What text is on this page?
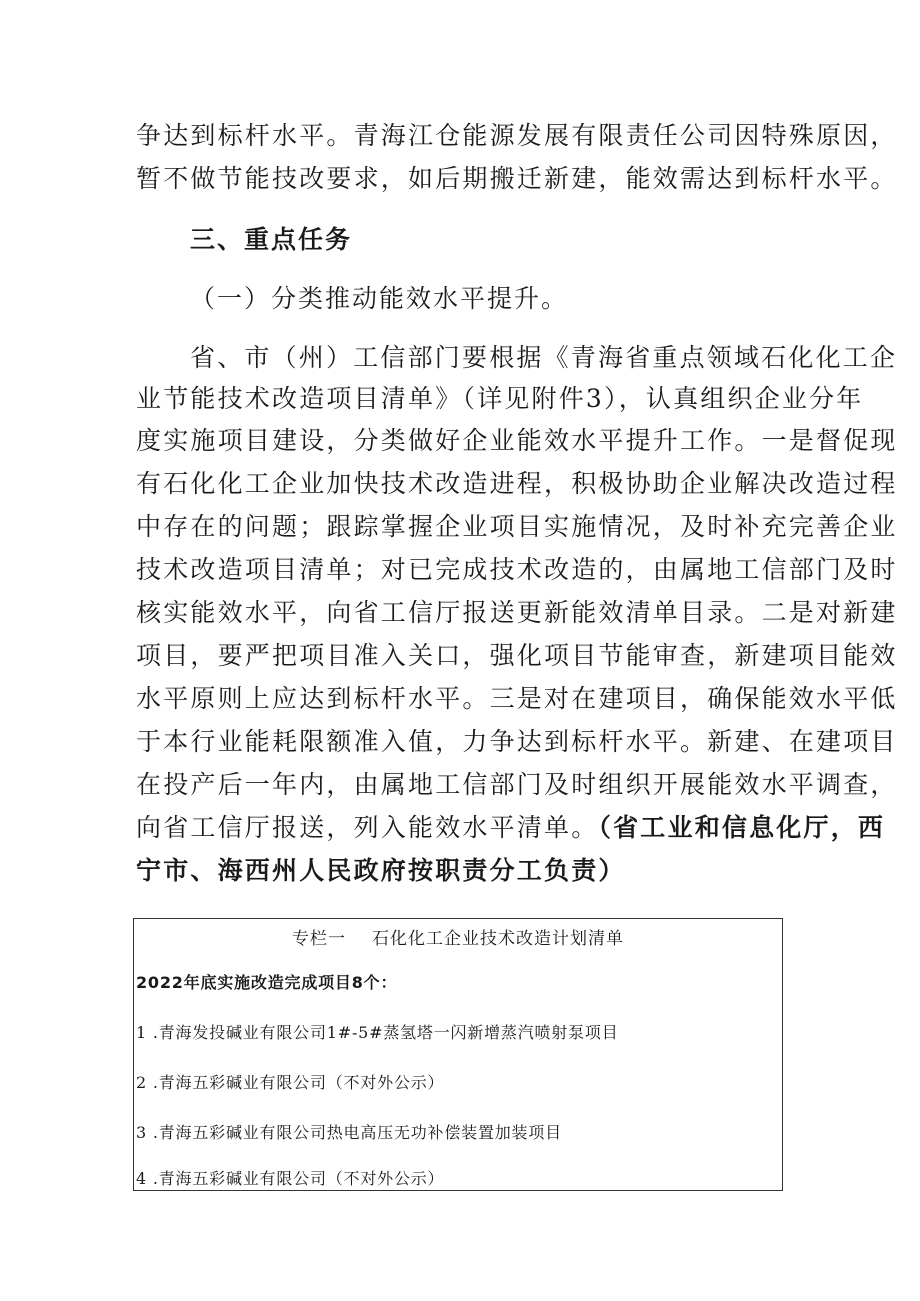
争达到标杆水平。青海江仓能源发展有限责任公司因特殊原因，
暂不做节能技改要求，如后期搬迁新建，能效需达到标杆水平。
三、重点任务
（一）分类推动能效水平提升。
省、市（州）工信部门要根据《青海省重点领域石化化工企
业节能技术改造项目清单》（详见附件3），认真组织企业分年
度实施项目建设，分类做好企业能效水平提升工作。一是督促现
有石化化工企业加快技术改造进程，积极协助企业解决改造过程
中存在的问题；跟踪掌握企业项目实施情况，及时补充完善企业
技术改造项目清单；对已完成技术改造的，由属地工信部门及时
核实能效水平，向省工信厅报送更新能效清单目录。二是对新建
项目，要严把项目准入关口，强化项目节能审查，新建项目能效
水平原则上应达到标杆水平。三是对在建项目，确保能效水平低
于本行业能耗限额准入值，力争达到标杆水平。新建、在建项目
在投产后一年内，由属地工信部门及时组织开展能效水平调查，
向省工信厅报送，列入能效水平清单。（省工业和信息化厅，西
宁市、海西州人民政府按职责分工负责）
专栏一 石化化工企业技术改造计划清单
2022年底实施改造完成项目8个：
1 .青海发投碱业有限公司1#-5#蒸氢塔一闪新增蒸汽喷射泵项目
2 .青海五彩碱业有限公司（不对外公示）
3 .青海五彩碱业有限公司热电高压无功补偿装置加装项目
4 .青海五彩碱业有限公司（不对外公示）
